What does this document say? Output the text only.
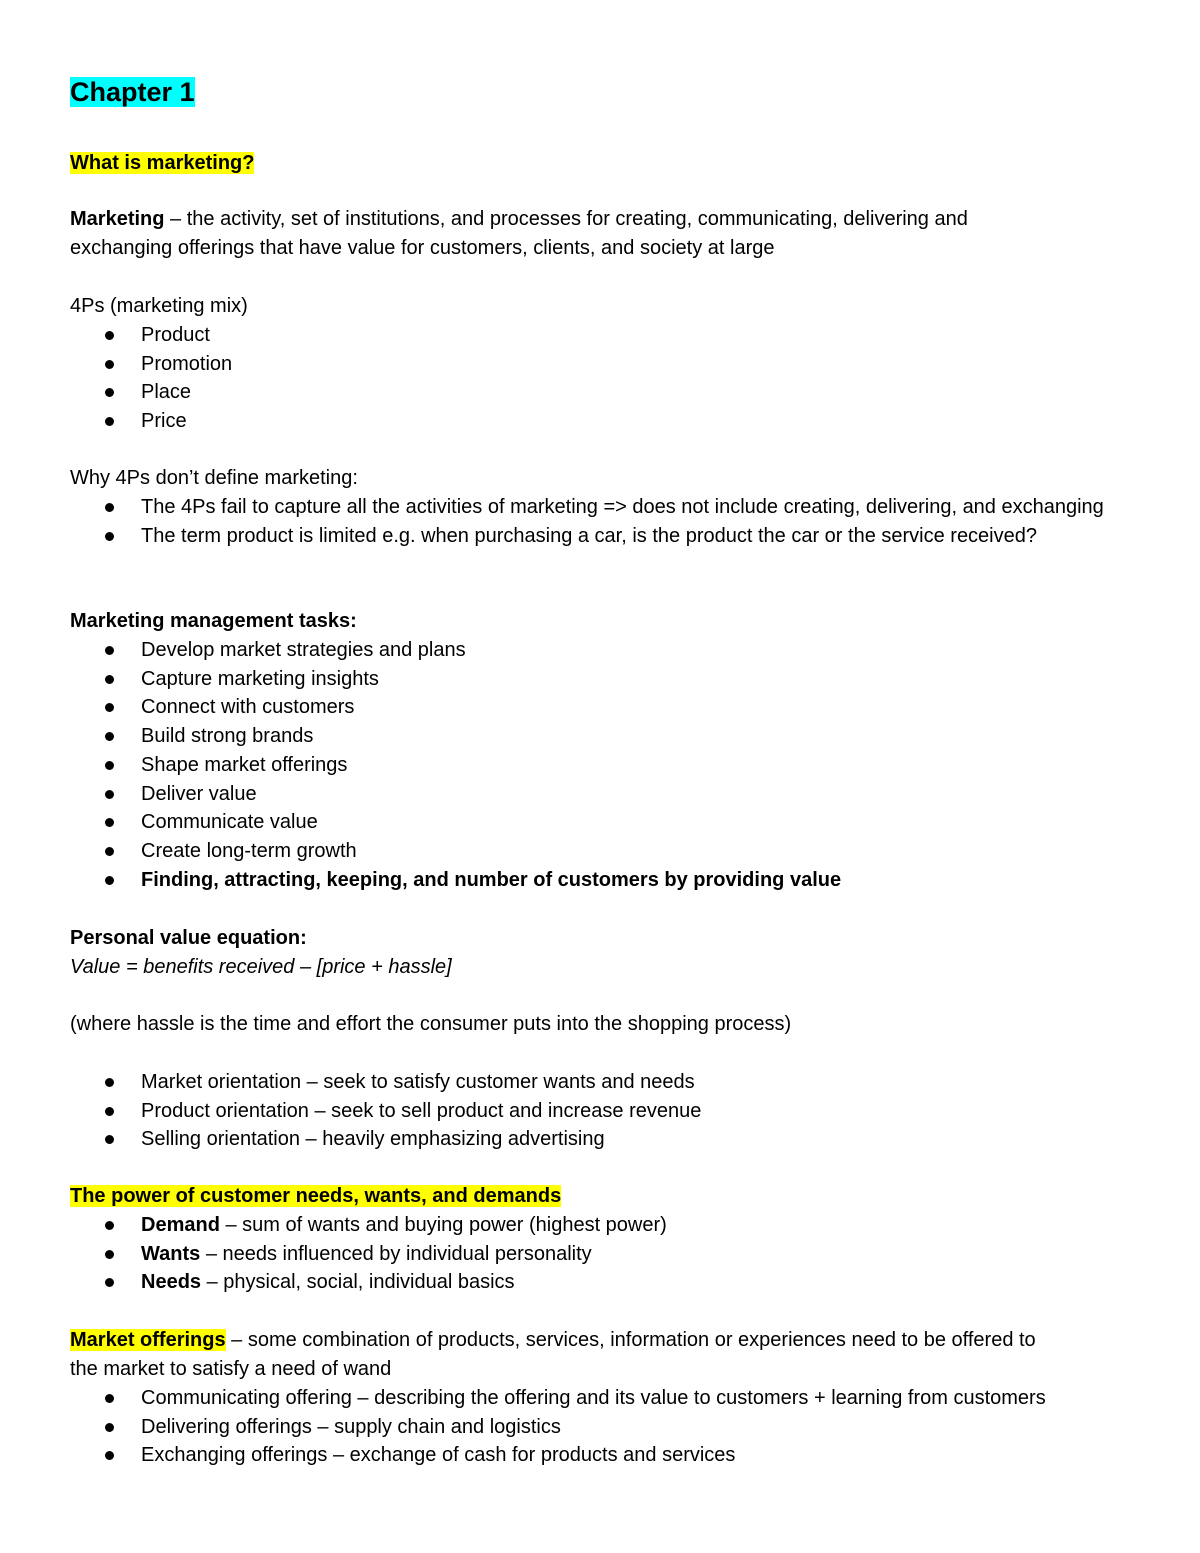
Chapter 1
What is marketing?
Marketing – the activity, set of institutions, and processes for creating, communicating, delivering and
exchanging offerings that have value for customers, clients, and society at large
4Ps (marketing mix)
Product
Promotion
Place
Price
Why 4Ps don’t define marketing:
The 4Ps fail to capture all the activities of marketing => does not include creating, delivering, and exchanging
The term product is limited e.g. when purchasing a car, is the product the car or the service received?
Marketing management tasks:
Develop market strategies and plans
Capture marketing insights
Connect with customers
Build strong brands
Shape market offerings
Deliver value
Communicate value
Create long-term growth
Finding, attracting, keeping, and number of customers by providing value
Personal value equation:
Value = benefits received – [price + hassle]
(where hassle is the time and effort the consumer puts into the shopping process)
Market orientation – seek to satisfy customer wants and needs
Product orientation – seek to sell product and increase revenue
Selling orientation – heavily emphasizing advertising
The power of customer needs, wants, and demands
Demand – sum of wants and buying power (highest power)
Wants – needs influenced by individual personality
Needs – physical, social, individual basics
Market offerings – some combination of products, services, information or experiences need to be offered to
the market to satisfy a need of wand
Communicating offering – describing the offering and its value to customers + learning from customers
Delivering offerings – supply chain and logistics
Exchanging offerings – exchange of cash for products and services
